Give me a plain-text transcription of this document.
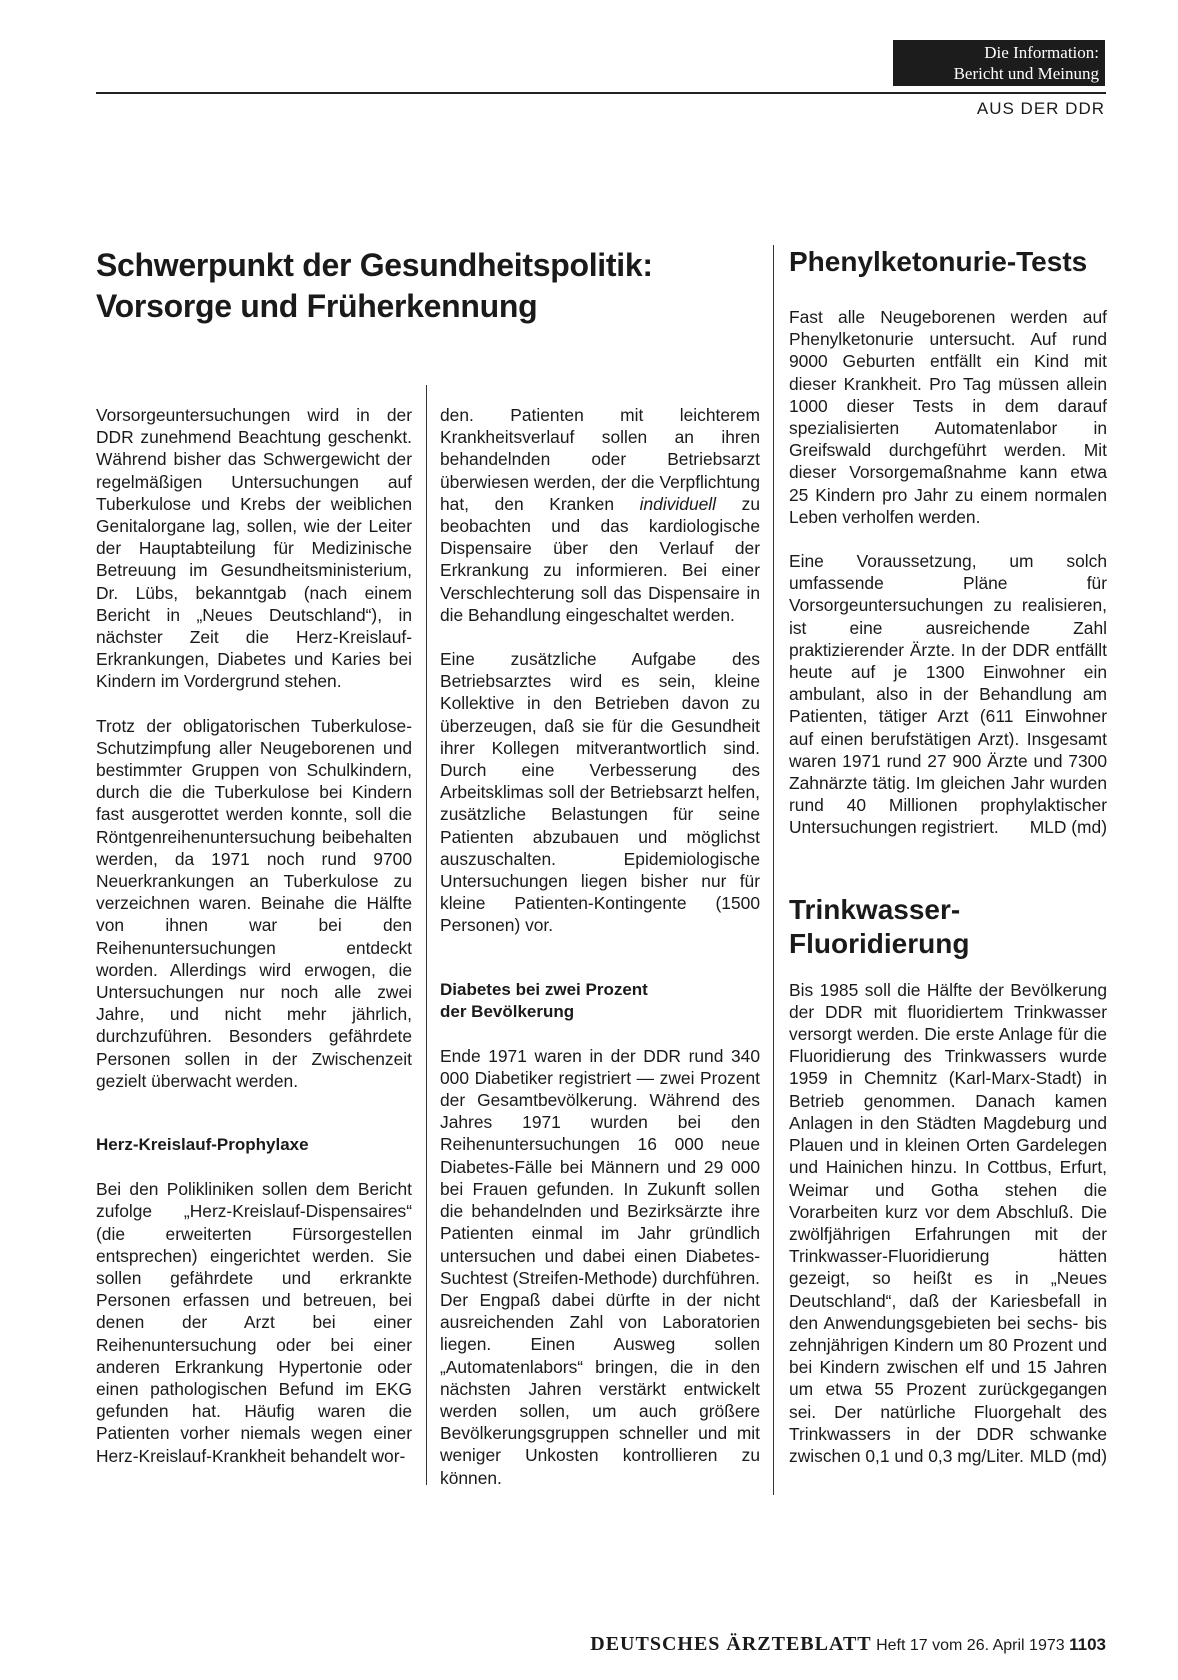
Die Information:
Bericht und Meinung
AUS DER DDR
Schwerpunkt der Gesundheitspolitik:
Vorsorge und Früherkennung

Vorsorgeuntersuchungen wird in der DDR zunehmend Beachtung geschenkt. Während bisher das Schwergewicht der regelmäßigen Untersuchungen auf Tuberkulose und Krebs der weiblichen Genitalorgane lag, sollen, wie der Leiter der Hauptabteilung für Medizinische Betreuung im Gesundheitsministerium, Dr. Lübs, bekanntgab (nach einem Bericht in „Neues Deutschland“), in nächster Zeit die Herz-Kreislauf-Erkrankungen, Diabetes und Karies bei Kindern im Vordergrund stehen.

Trotz der obligatorischen Tuberkulose-Schutzimpfung aller Neugeborenen und bestimmter Gruppen von Schulkindern, durch die die Tuberkulose bei Kindern fast ausgerottet werden konnte, soll die Röntgenreihenuntersuchung beibehalten werden, da 1971 noch rund 9700 Neuerkrankungen an Tuberkulose zu verzeichnen waren. Beinahe die Hälfte von ihnen war bei den Reihenuntersuchungen entdeckt worden. Allerdings wird erwogen, die Untersuchungen nur noch alle zwei Jahre, und nicht mehr jährlich, durchzuführen. Besonders gefährdete Personen sollen in der Zwischenzeit gezielt überwacht werden.

Herz-Kreislauf-Prophylaxe

Bei den Polikliniken sollen dem Bericht zufolge „Herz-Kreislauf-Dispensaires“ (die erweiterten Fürsorgestellen entsprechen) eingerichtet werden. Sie sollen gefährdete und erkrankte Personen erfassen und betreuen, bei denen der Arzt bei einer Reihenuntersuchung oder bei einer anderen Erkrankung Hypertonie oder einen pathologischen Befund im EKG gefunden hat. Häufig waren die Patienten vorher niemals wegen einer Herz-Kreislauf-Krankheit behandelt wor-

den. Patienten mit leichterem Krankheitsverlauf sollen an ihren behandelnden oder Betriebsarzt überwiesen werden, der die Verpflichtung hat, den Kranken individuell zu beobachten und das kardiologische Dispensaire über den Verlauf der Erkrankung zu informieren. Bei einer Verschlechterung soll das Dispensaire in die Behandlung eingeschaltet werden.

Eine zusätzliche Aufgabe des Betriebsarztes wird es sein, kleine Kollektive in den Betrieben davon zu überzeugen, daß sie für die Gesundheit ihrer Kollegen mitverantwortlich sind. Durch eine Verbesserung des Arbeitsklimas soll der Betriebsarzt helfen, zusätzliche Belastungen für seine Patienten abzubauen und möglichst auszuschalten. Epidemiologische Untersuchungen liegen bisher nur für kleine Patienten-Kontingente (1500 Personen) vor.

Diabetes bei zwei Prozent
der Bevölkerung

Ende 1971 waren in der DDR rund 340 000 Diabetiker registriert — zwei Prozent der Gesamtbevölkerung. Während des Jahres 1971 wurden bei den Reihenuntersuchungen 16 000 neue Diabetes-Fälle bei Männern und 29 000 bei Frauen gefunden. In Zukunft sollen die behandelnden und Bezirksärzte ihre Patienten einmal im Jahr gründlich untersuchen und dabei einen Diabetes-Suchtest (Streifen-Methode) durchführen. Der Engpaß dabei dürfte in der nicht ausreichenden Zahl von Laboratorien liegen. Einen Ausweg sollen „Automatenlabors“ bringen, die in den nächsten Jahren verstärkt entwickelt werden sollen, um auch größere Bevölkerungsgruppen schneller und mit weniger Unkosten kontrollieren zu können.

Phenylketonurie-Tests

Fast alle Neugeborenen werden auf Phenylketonurie untersucht. Auf rund 9000 Geburten entfällt ein Kind mit dieser Krankheit. Pro Tag müssen allein 1000 dieser Tests in dem darauf spezialisierten Automatenlabor in Greifswald durchgeführt werden. Mit dieser Vorsorgemaßnahme kann etwa 25 Kindern pro Jahr zu einem normalen Leben verholfen werden.

Eine Voraussetzung, um solch umfassende Pläne für Vorsorgeuntersuchungen zu realisieren, ist eine ausreichende Zahl praktizierender Ärzte. In der DDR entfällt heute auf je 1300 Einwohner ein ambulant, also in der Behandlung am Patienten, tätiger Arzt (611 Einwohner auf einen berufstätigen Arzt). Insgesamt waren 1971 rund 27 900 Ärzte und 7300 Zahnärzte tätig. Im gleichen Jahr wurden rund 40 Millionen prophylaktischer Untersuchungen registriert. MLD (md)

Trinkwasser-
Fluoridierung

Bis 1985 soll die Hälfte der Bevölkerung der DDR mit fluoridiertem Trinkwasser versorgt werden. Die erste Anlage für die Fluoridierung des Trinkwassers wurde 1959 in Chemnitz (Karl-Marx-Stadt) in Betrieb genommen. Danach kamen Anlagen in den Städten Magdeburg und Plauen und in kleinen Orten Gardelegen und Hainichen hinzu. In Cottbus, Erfurt, Weimar und Gotha stehen die Vorarbeiten kurz vor dem Abschluß. Die zwölfjährigen Erfahrungen mit der Trinkwasser-Fluoridierung hätten gezeigt, so heißt es in „Neues Deutschland“, daß der Kariesbefall in den Anwendungsgebieten bei sechs- bis zehnjährigen Kindern um 80 Prozent und bei Kindern zwischen elf und 15 Jahren um etwa 55 Prozent zurückgegangen sei. Der natürliche Fluorgehalt des Trinkwassers in der DDR schwanke zwischen 0,1 und 0,3 mg/Liter. MLD (md)

DEUTSCHES ÄRZTEBLATT Heft 17 vom 26. April 1973 1103
